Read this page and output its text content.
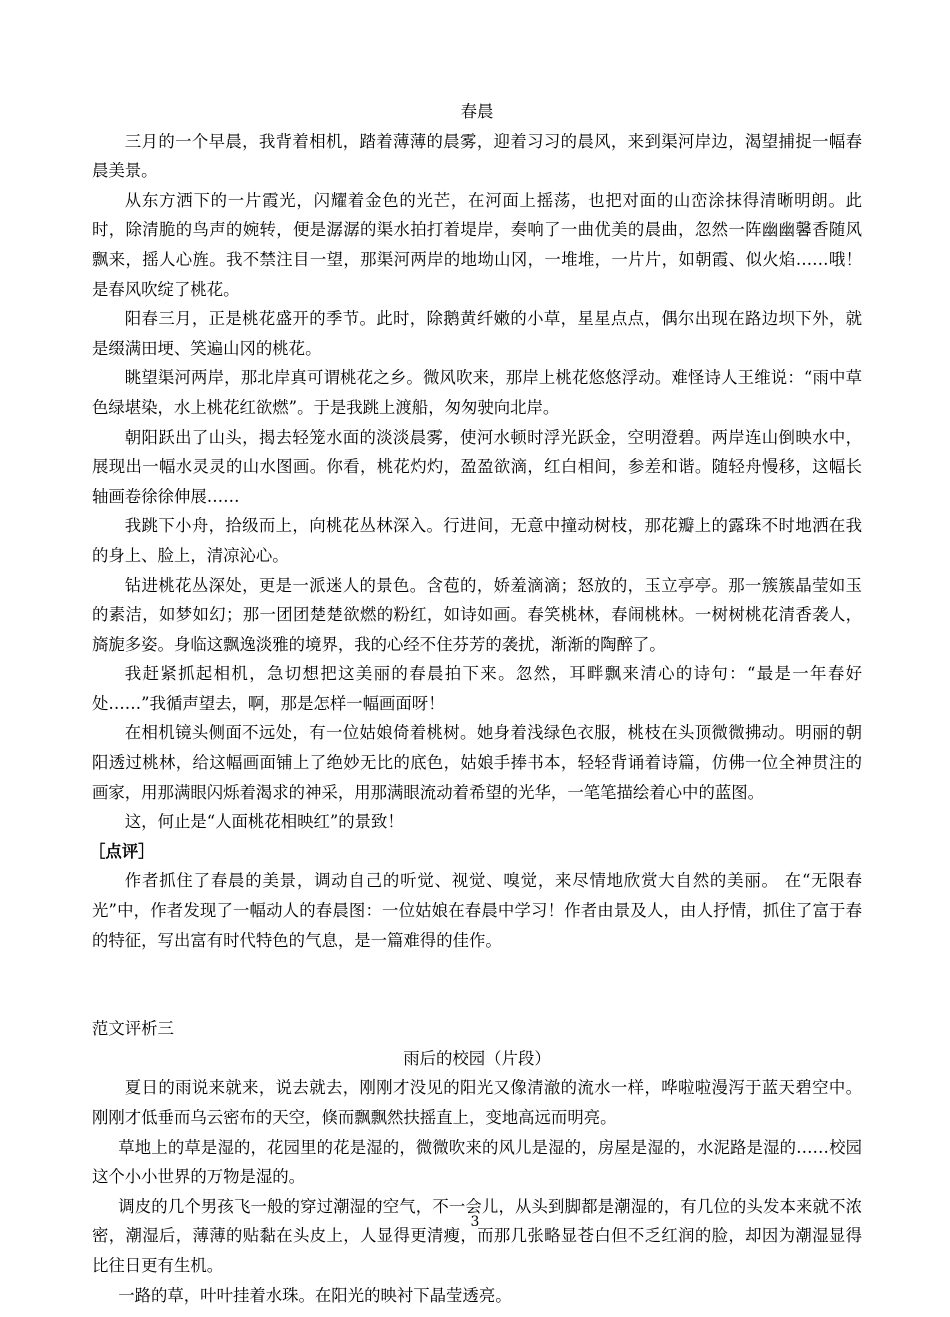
春晨

三月的一个早晨，我背着相机，踏着薄薄的晨雾，迎着习习的晨风，来到渠河岸边，渴望捕捉一幅春晨美景。

从东方洒下的一片霞光，闪耀着金色的光芒，在河面上摇荡，也把对面的山峦涂抹得清晰明朗。此时，除清脆的鸟声的婉转，便是潺潺的渠水拍打着堤岸，奏响了一曲优美的晨曲，忽然一阵幽幽馨香随风飘来，摇人心旌。我不禁注目一望，那渠河两岸的地坳山冈，一堆堆，一片片，如朝霞、似火焰……哦！是春风吹绽了桃花。

阳春三月，正是桃花盛开的季节。此时，除鹅黄纤嫩的小草，星星点点，偶尔出现在路边坝下外，就是缀满田埂、笑遍山冈的桃花。

眺望渠河两岸，那北岸真可谓桃花之乡。微风吹来，那岸上桃花悠悠浮动。难怪诗人王维说：“雨中草色绿堪染，水上桃花红欲燃”。于是我跳上渡船，匆匆驶向北岸。

朝阳跃出了山头，揭去轻笼水面的淡淡晨雾，使河水顿时浮光跃金，空明澄碧。两岸连山倒映水中，展现出一幅水灵灵的山水图画。你看，桃花灼灼，盈盈欲滴，红白相间，参差和谐。随轻舟慢移，这幅长轴画卷徐徐伸展……

我跳下小舟，拾级而上，向桃花丛林深入。行进间，无意中撞动树枝，那花瓣上的露珠不时地洒在我的身上、脸上，清凉沁心。

钻进桃花丛深处，更是一派迷人的景色。含苞的，娇羞滴滴；怒放的，玉立亭亭。那一簇簇晶莹如玉的素洁，如梦如幻；那一团团楚楚欲燃的粉红，如诗如画。春笑桃林，春闹桃林。一树树桃花清香袭人，旖旎多姿。身临这飘逸淡雅的境界，我的心经不住芬芳的袭扰，渐渐的陶醉了。

我赶紧抓起相机，急切想把这美丽的春晨拍下来。忽然，耳畔飘来清心的诗句：“最是一年春好处……”我循声望去，啊，那是怎样一幅画面呀！

在相机镜头侧面不远处，有一位姑娘倚着桃树。她身着浅绿色衣服，桃枝在头顶微微拂动。明丽的朝阳透过桃林，给这幅画面铺上了绝妙无比的底色，姑娘手捧书本，轻轻背诵着诗篇，仿佛一位全神贯注的画家，用那满眼闪烁着渴求的神采，用那满眼流动着希望的光华，一笔笔描绘着心中的蓝图。

这，何止是“人面桃花相映红”的景致！

［点评］

作者抓住了春晨的美景，调动自己的听觉、视觉、嗅觉，来尽情地欣赏大自然的美丽。 在“无限春光”中，作者发现了一幅动人的春晨图：一位姑娘在春晨中学习！作者由景及人，由人抒情，抓住了富于春的特征，写出富有时代特色的气息，是一篇难得的佳作。

范文评析三

雨后的校园（片段）

夏日的雨说来就来，说去就去，刚刚才没见的阳光又像清澈的流水一样，哗啦啦漫泻于蓝天碧空中。刚刚才低垂而乌云密布的天空，倏而飘飘然扶摇直上，变地高远而明亮。

草地上的草是湿的，花园里的花是湿的，微微吹来的风儿是湿的，房屋是湿的，水泥路是湿的……校园这个小小世界的万物是湿的。

调皮的几个男孩飞一般的穿过潮湿的空气，不一会儿，从头到脚都是潮湿的，有几位的头发本来就不浓密，潮湿后，薄薄的贴黏在头皮上，人显得更清瘦，而那几张略显苍白但不乏红润的脸，却因为潮湿显得比往日更有生机。

一路的草，叶叶挂着水珠。在阳光的映衬下晶莹透亮。

3
